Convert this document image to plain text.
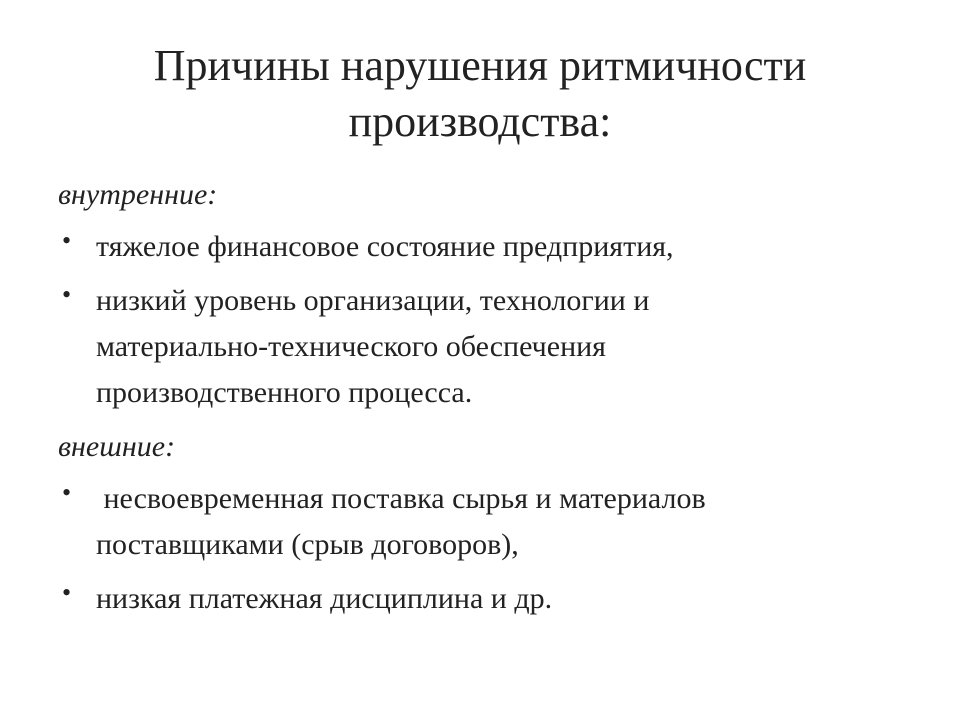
Причины нарушения ритмичности
производства:

внутренние:

• тяжелое финансовое состояние предприятия,
• низкий уровень организации, технологии и
материально-технического обеспечения
производственного процесса.

внешние:

• несвоевременная поставка сырья и материалов
поставщиками (срыв договоров),
• низкая платежная дисциплина и др.
